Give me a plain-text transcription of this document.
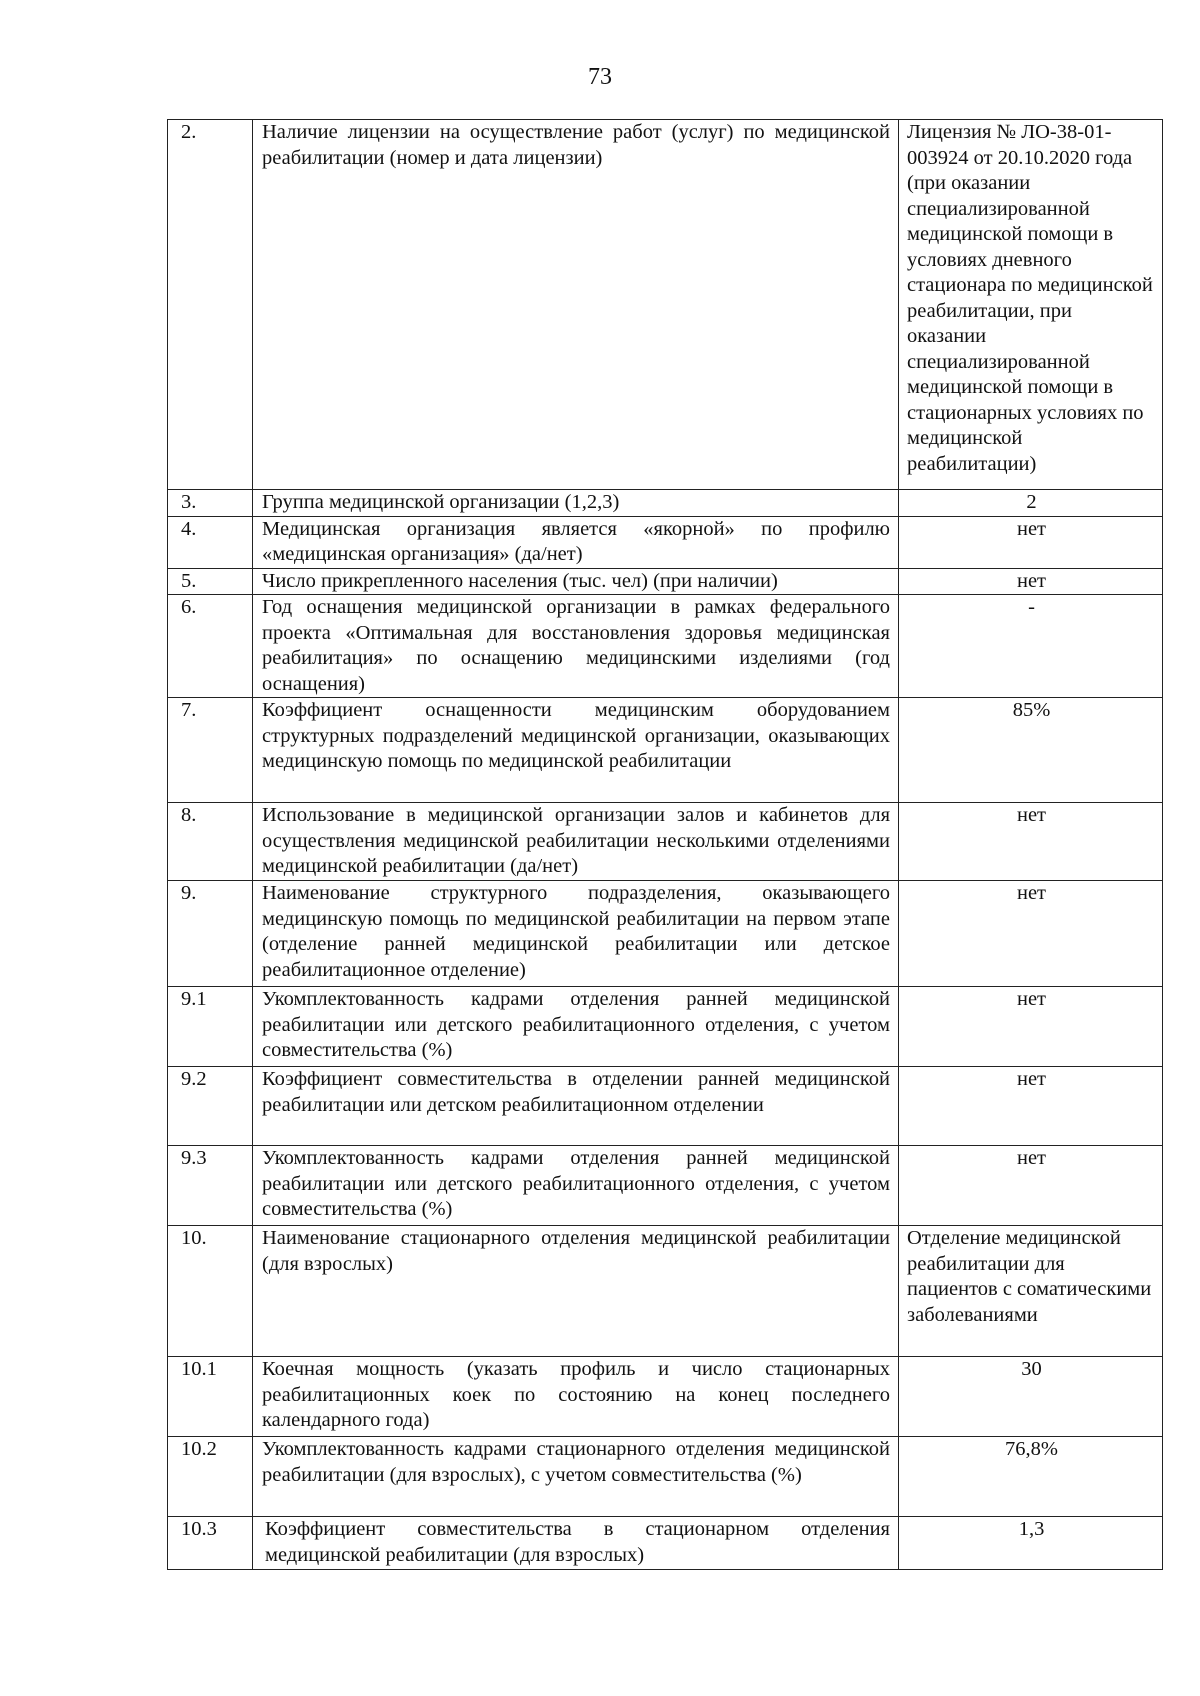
73
2.	Наличие лицензии на осуществление работ (услуг) по медицинской реабилитации (номер и дата лицензии)	Лицензия № ЛО-38-01-003924 от 20.10.2020 года (при оказании специализированной медицинской помощи в условиях дневного стационара по медицинской реабилитации, при оказании специализированной медицинской помощи в стационарных условиях по медицинской реабилитации)
3.	Группа медицинской организации (1,2,3)	2
4.	Медицинская организация является «якорной» по профилю «медицинская организация» (да/нет)	нет
5.	Число прикрепленного населения (тыс. чел) (при наличии)	нет
6.	Год оснащения медицинской организации в рамках федерального проекта «Оптимальная для восстановления здоровья медицинская реабилитация» по оснащению медицинскими изделиями (год оснащения)	-
7.	Коэффициент оснащенности медицинским оборудованием структурных подразделений медицинской организации, оказывающих медицинскую помощь по медицинской реабилитации	85%
8.	Использование в медицинской организации залов и кабинетов для осуществления медицинской реабилитации несколькими отделениями медицинской реабилитации (да/нет)	нет
9.	Наименование структурного подразделения, оказывающего медицинскую помощь по медицинской реабилитации на первом этапе (отделение ранней медицинской реабилитации или детское реабилитационное отделение)	нет
9.1	Укомплектованность кадрами отделения ранней медицинской реабилитации или детского реабилитационного отделения, с учетом совместительства (%)	нет
9.2	Коэффициент совместительства в отделении ранней медицинской реабилитации или детском реабилитационном отделении	нет
9.3	Укомплектованность кадрами отделения ранней медицинской реабилитации или детского реабилитационного отделения, с учетом совместительства (%)	нет
10.	Наименование стационарного отделения медицинской реабилитации (для взрослых)	Отделение медицинской реабилитации для пациентов с соматическими заболеваниями
10.1	Коечная мощность (указать профиль и число стационарных реабилитационных коек по состоянию на конец последнего календарного года)	30
10.2	Укомплектованность кадрами стационарного отделения медицинской реабилитации (для взрослых), с учетом совместительства (%)	76,8%
10.3	Коэффициент совместительства в стационарном отделения медицинской реабилитации (для взрослых)	1,3
